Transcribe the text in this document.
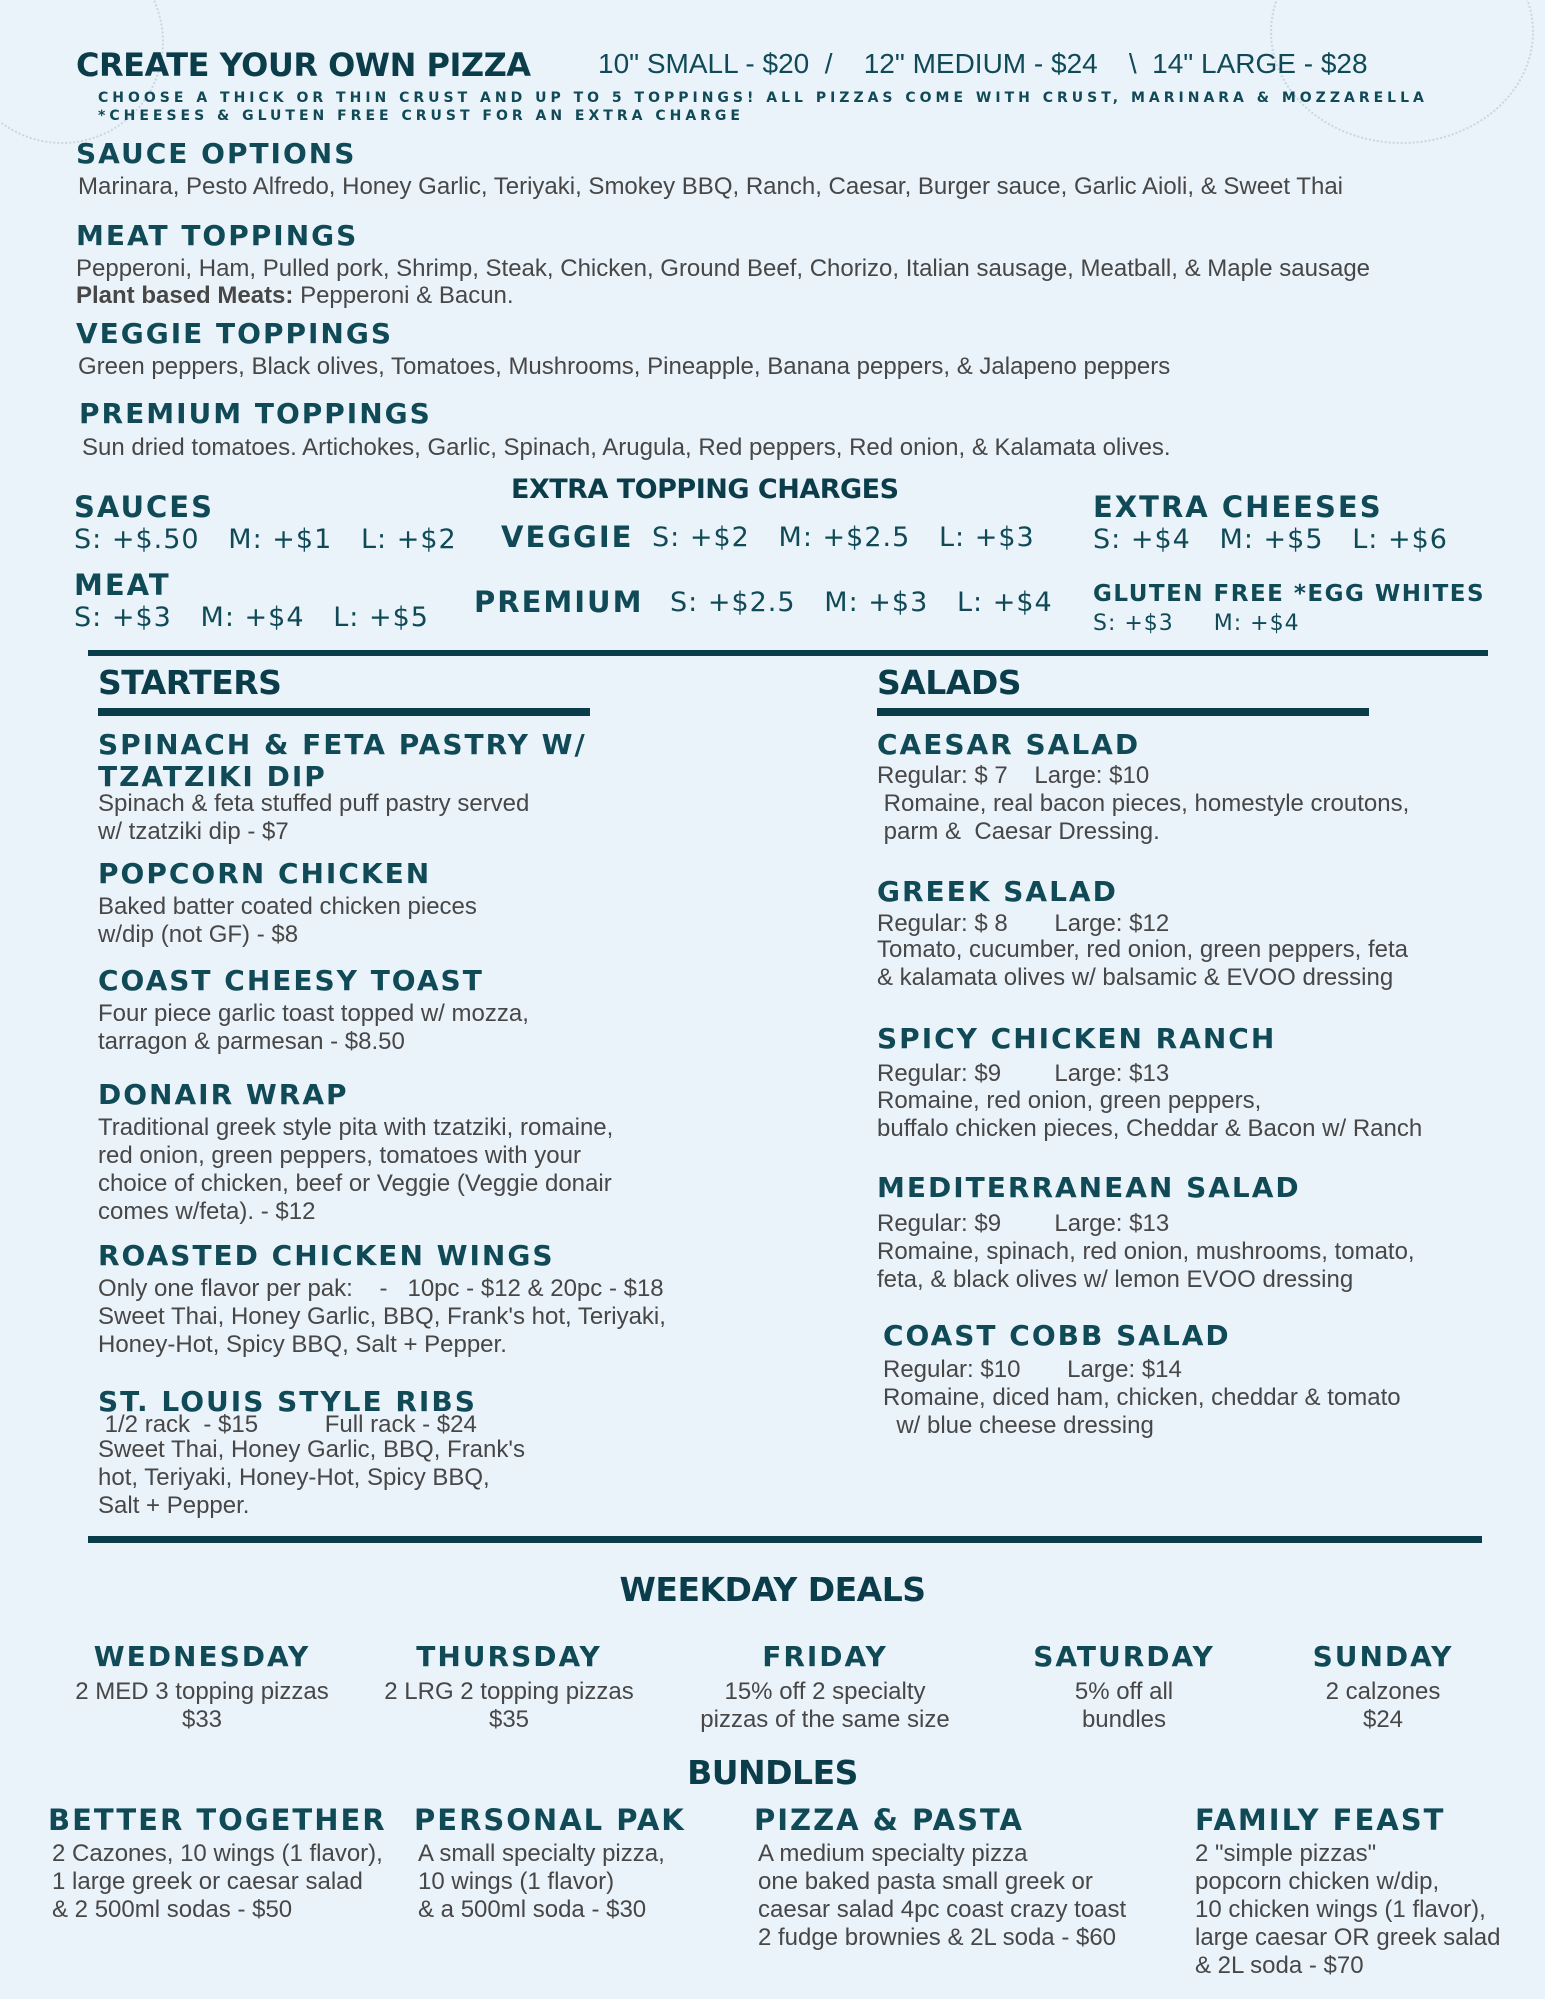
CREATE YOUR OWN PIZZA 10" SMALL - $20  /    12" MEDIUM - $24    \  14" LARGE - $28
CHOOSE A THICK OR THIN CRUST AND UP TO 5 TOPPINGS! ALL PIZZAS COME WITH CRUST, MARINARA & MOZZARELLA
*CHEESES & GLUTEN FREE CRUST FOR AN EXTRA CHARGE
SAUCE OPTIONS
Marinara, Pesto Alfredo, Honey Garlic, Teriyaki, Smokey BBQ, Ranch, Caesar, Burger sauce, Garlic Aioli, & Sweet Thai
MEAT TOPPINGS
Pepperoni, Ham, Pulled pork, Shrimp, Steak, Chicken, Ground Beef, Chorizo, Italian sausage, Meatball, & Maple sausage
Plant based Meats: Pepperoni & Bacun.
VEGGIE TOPPINGS
Green peppers, Black olives, Tomatoes, Mushrooms, Pineapple, Banana peppers, & Jalapeno peppers
PREMIUM TOPPINGS
Sun dried tomatoes. Artichokes, Garlic, Spinach, Arugula, Red peppers, Red onion, & Kalamata olives.
EXTRA TOPPING CHARGES
SAUCES
S: +$.50   M: +$1   L: +$2
MEAT
S: +$3   M: +$4   L: +$5
VEGGIE S: +$2   M: +$2.5   L: +$3
PREMIUM S: +$2.5   M: +$3   L: +$4
EXTRA CHEESES
S: +$4   M: +$5   L: +$6
GLUTEN FREE *EGG WHITES
S: +$3     M: +$4
STARTERS
SPINACH & FETA PASTRY W/
TZATZIKI DIP
Spinach & feta stuffed puff pastry served
w/ tzatziki dip - $7
POPCORN CHICKEN
Baked batter coated chicken pieces
w/dip (not GF) - $8
COAST CHEESY TOAST
Four piece garlic toast topped w/ mozza,
tarragon & parmesan - $8.50
DONAIR WRAP
Traditional greek style pita with tzatziki, romaine,
red onion, green peppers, tomatoes with your
choice of chicken, beef or Veggie (Veggie donair
comes w/feta). - $12
ROASTED CHICKEN WINGS
Only one flavor per pak:    -   10pc - $12 & 20pc - $18
Sweet Thai, Honey Garlic, BBQ, Frank's hot, Teriyaki,
Honey-Hot, Spicy BBQ, Salt + Pepper.
ST. LOUIS STYLE RIBS
1/2 rack  - $15          Full rack - $24
Sweet Thai, Honey Garlic, BBQ, Frank's
hot, Teriyaki, Honey-Hot, Spicy BBQ,
Salt + Pepper.
SALADS
CAESAR SALAD
Regular: $ 7    Large: $10
Romaine, real bacon pieces, homestyle croutons,
parm &  Caesar Dressing.
GREEK SALAD
Regular: $ 8       Large: $12
Tomato, cucumber, red onion, green peppers, feta
& kalamata olives w/ balsamic & EVOO dressing
SPICY CHICKEN RANCH
Regular: $9        Large: $13
Romaine, red onion, green peppers,
buffalo chicken pieces, Cheddar & Bacon w/ Ranch
MEDITERRANEAN SALAD
Regular: $9        Large: $13
Romaine, spinach, red onion, mushrooms, tomato,
feta, & black olives w/ lemon EVOO dressing
COAST COBB SALAD
Regular: $10       Large: $14
Romaine, diced ham, chicken, cheddar & tomato
w/ blue cheese dressing
WEEKDAY DEALS
WEDNESDAY
2 MED 3 topping pizzas
$33
THURSDAY
2 LRG 2 topping pizzas
$35
FRIDAY
15% off 2 specialty
pizzas of the same size
SATURDAY
5% off all
bundles
SUNDAY
2 calzones
$24
BUNDLES
BETTER TOGETHER
2 Cazones, 10 wings (1 flavor),
1 large greek or caesar salad
& 2 500ml sodas - $50
PERSONAL PAK
A small specialty pizza,
10 wings (1 flavor)
& a 500ml soda - $30
PIZZA & PASTA
A medium specialty pizza
one baked pasta small greek or
caesar salad 4pc coast crazy toast
2 fudge brownies & 2L soda - $60
FAMILY FEAST
2 "simple pizzas"
popcorn chicken w/dip,
10 chicken wings (1 flavor),
large caesar OR greek salad
& 2L soda - $70
